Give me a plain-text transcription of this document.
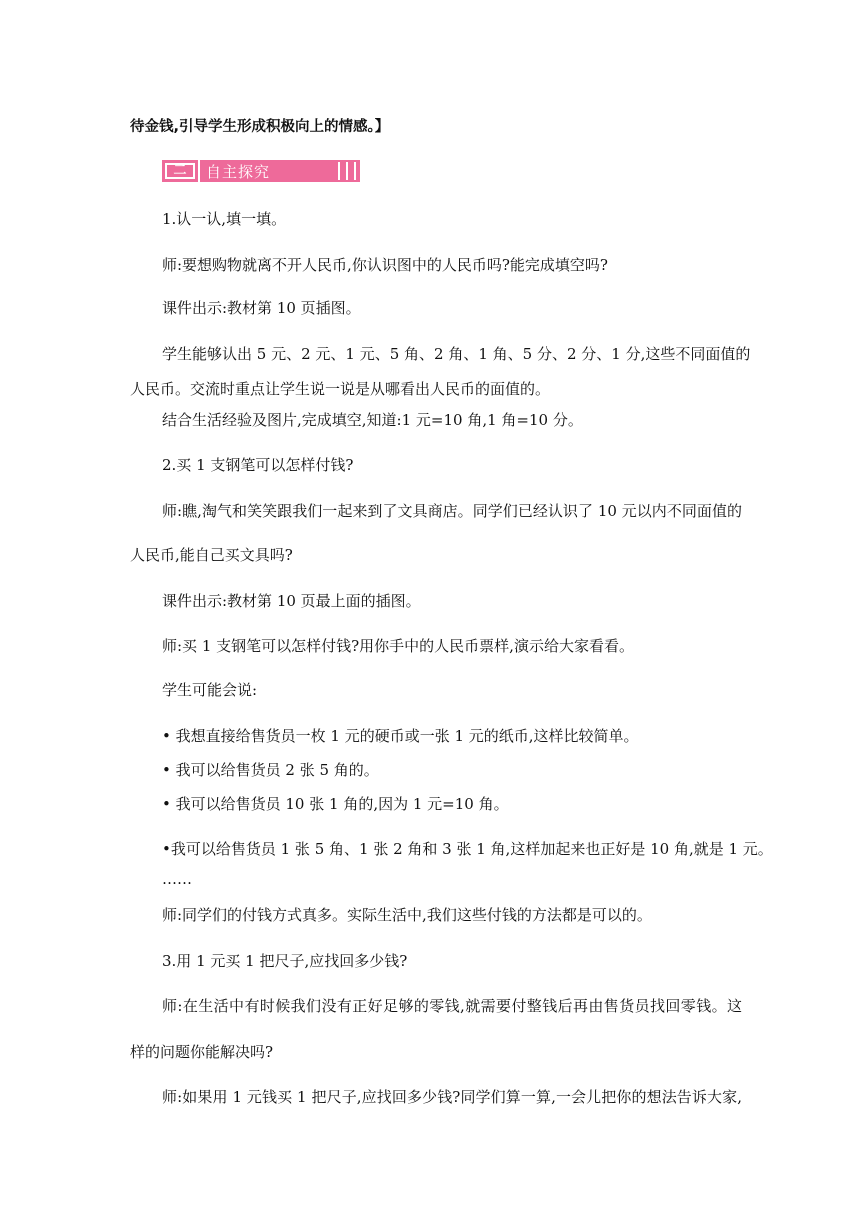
待金钱,引导学生形成积极向上的情感。】
二	自主探究
1.认一认,填一填。
师:要想购物就离不开人民币,你认识图中的人民币吗?能完成填空吗?
课件出示:教材第 10 页插图。
学生能够认出 5 元、2 元、1 元、5 角、2 角、1 角、5 分、2 分、1 分,这些不同面值的
人民币。交流时重点让学生说一说是从哪看出人民币的面值的。
结合生活经验及图片,完成填空,知道:1 元=10 角,1 角=10 分。
2.买 1 支钢笔可以怎样付钱?
师:瞧,淘气和笑笑跟我们一起来到了文具商店。同学们已经认识了 10 元以内不同面值的
人民币,能自己买文具吗?
课件出示:教材第 10 页最上面的插图。
师:买 1 支钢笔可以怎样付钱?用你手中的人民币票样,演示给大家看看。
学生可能会说:
• 我想直接给售货员一枚 1 元的硬币或一张 1 元的纸币,这样比较简单。
• 我可以给售货员 2 张 5 角的。
• 我可以给售货员 10 张 1 角的,因为 1 元=10 角。
•我可以给售货员 1 张 5 角、1 张 2 角和 3 张 1 角,这样加起来也正好是 10 角,就是 1 元。
……
师:同学们的付钱方式真多。实际生活中,我们这些付钱的方法都是可以的。
3.用 1 元买 1 把尺子,应找回多少钱?
师:在生活中有时候我们没有正好足够的零钱,就需要付整钱后再由售货员找回零钱。这
样的问题你能解决吗?
师:如果用 1 元钱买 1 把尺子,应找回多少钱?同学们算一算,一会儿把你的想法告诉大家,
